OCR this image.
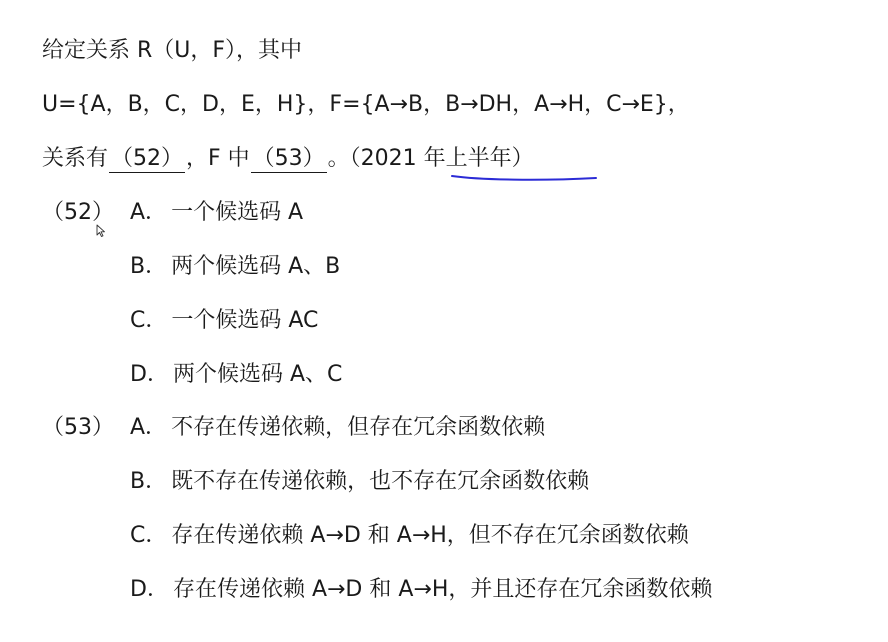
给定关系 R（U，F），其中
U={A，B，C，D，E，H}，F={A→B，B→DH，A→H，C→E}，
关系有 （52） ，F 中 （53） 。（2021 年上半年）
（52） A． 一个候选码 A
B． 两个候选码 A、B
C． 一个候选码 AC
D． 两个候选码 A、C
（53） A． 不存在传递依赖，但存在冗余函数依赖
B． 既不存在传递依赖，也不存在冗余函数依赖
C． 存在传递依赖 A→D 和 A→H，但不存在冗余函数依赖
D． 存在传递依赖 A→D 和 A→H，并且还存在冗余函数依赖
